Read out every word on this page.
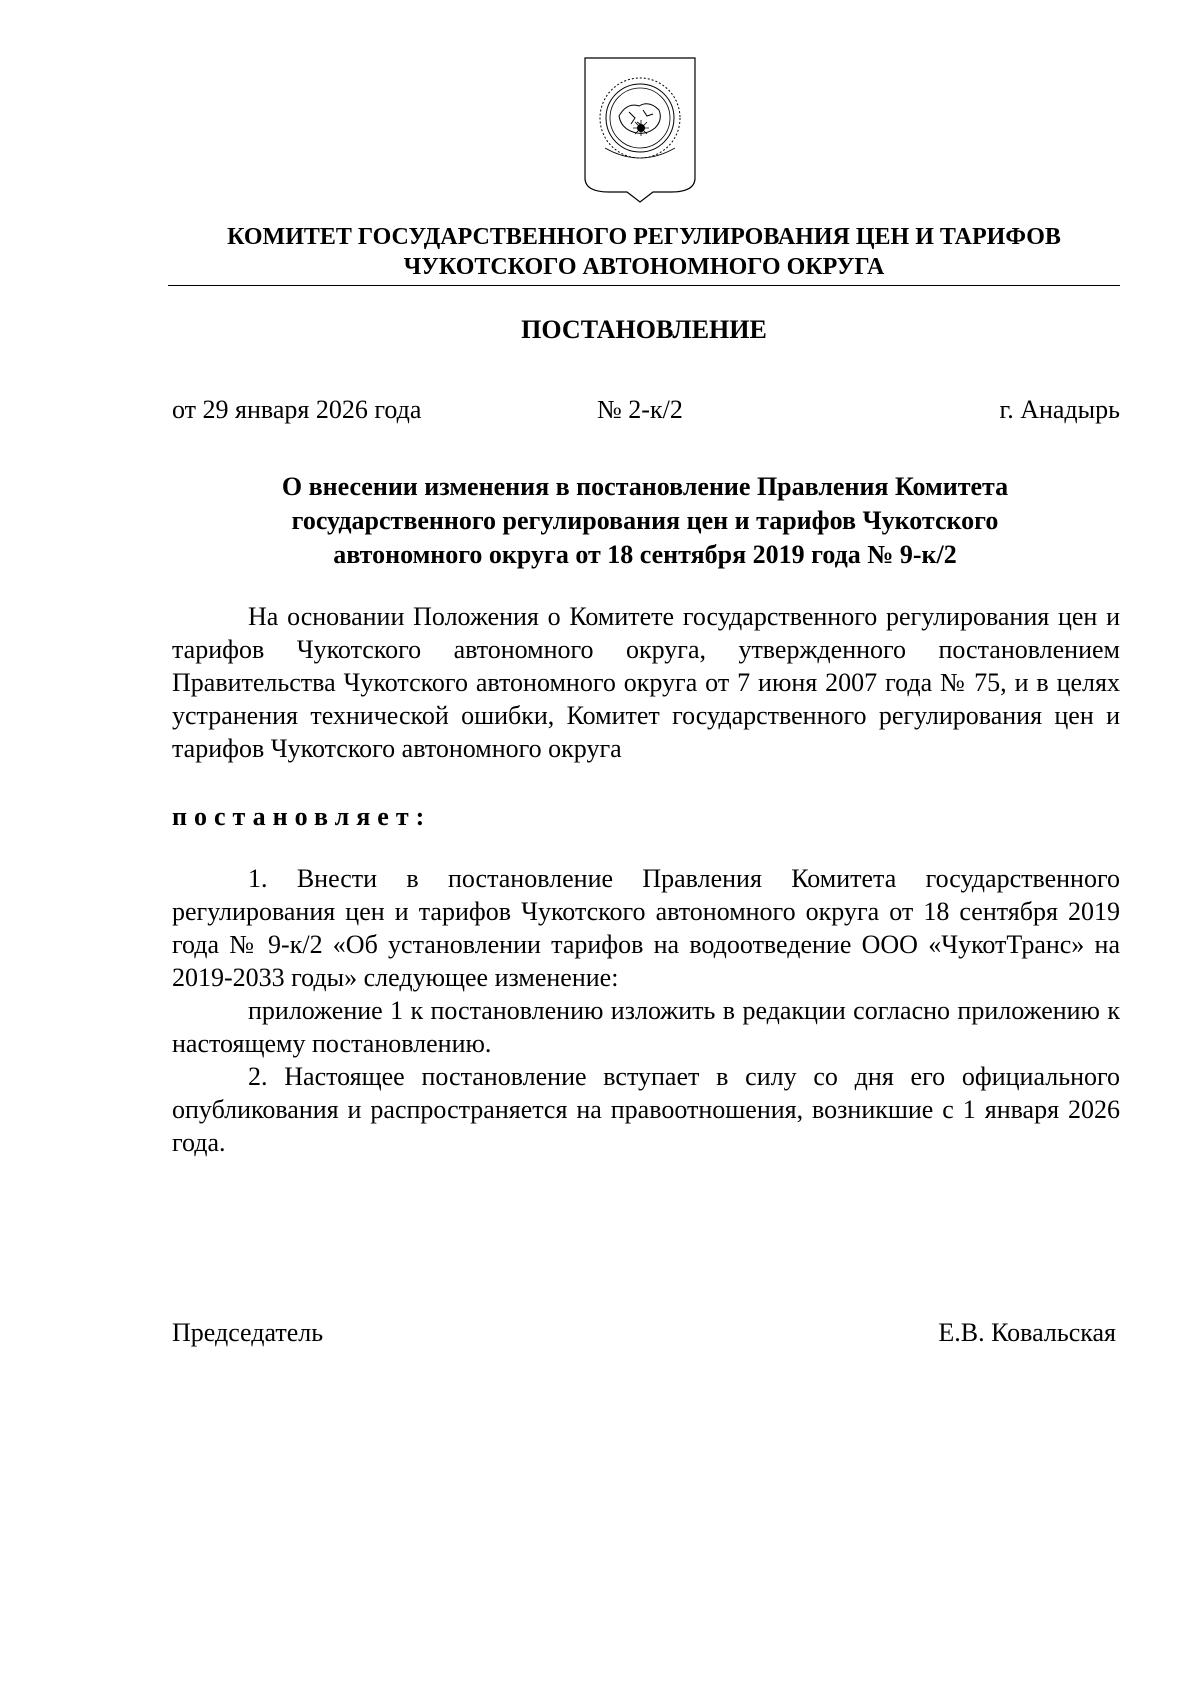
КОМИТЕТ ГОСУДАРСТВЕННОГО РЕГУЛИРОВАНИЯ ЦЕН И ТАРИФОВ
ЧУКОТСКОГО АВТОНОМНОГО ОКРУГА
ПОСТАНОВЛЕНИЕ
от 29 января 2026 года	№ 2-к/2	г. Анадырь
О внесении изменения в постановление Правления Комитета государственного регулирования цен и тарифов Чукотского автономного округа от 18 сентября 2019 года № 9-к/2

На основании Положения о Комитете государственного регулирования цен и тарифов Чукотского автономного округа, утвержденного постановлением Правительства Чукотского автономного округа от 7 июня 2007 года № 75, и в целях устранения технической ошибки, Комитет государственного регулирования цен и тарифов Чукотского автономного округа

постановляет:

1. Внести в постановление Правления Комитета государственного регулирования цен и тарифов Чукотского автономного округа от 18 сентября 2019 года № 9-к/2 «Об установлении тарифов на водоотведение ООО «ЧукотТранс» на 2019-2033 годы» следующее изменение:

приложение 1 к постановлению изложить в редакции согласно приложению к настоящему постановлению.

2. Настоящее постановление вступает в силу со дня его официального опубликования и распространяется на правоотношения, возникшие с 1 января 2026 года.

Председатель	Е.В. Ковальская
